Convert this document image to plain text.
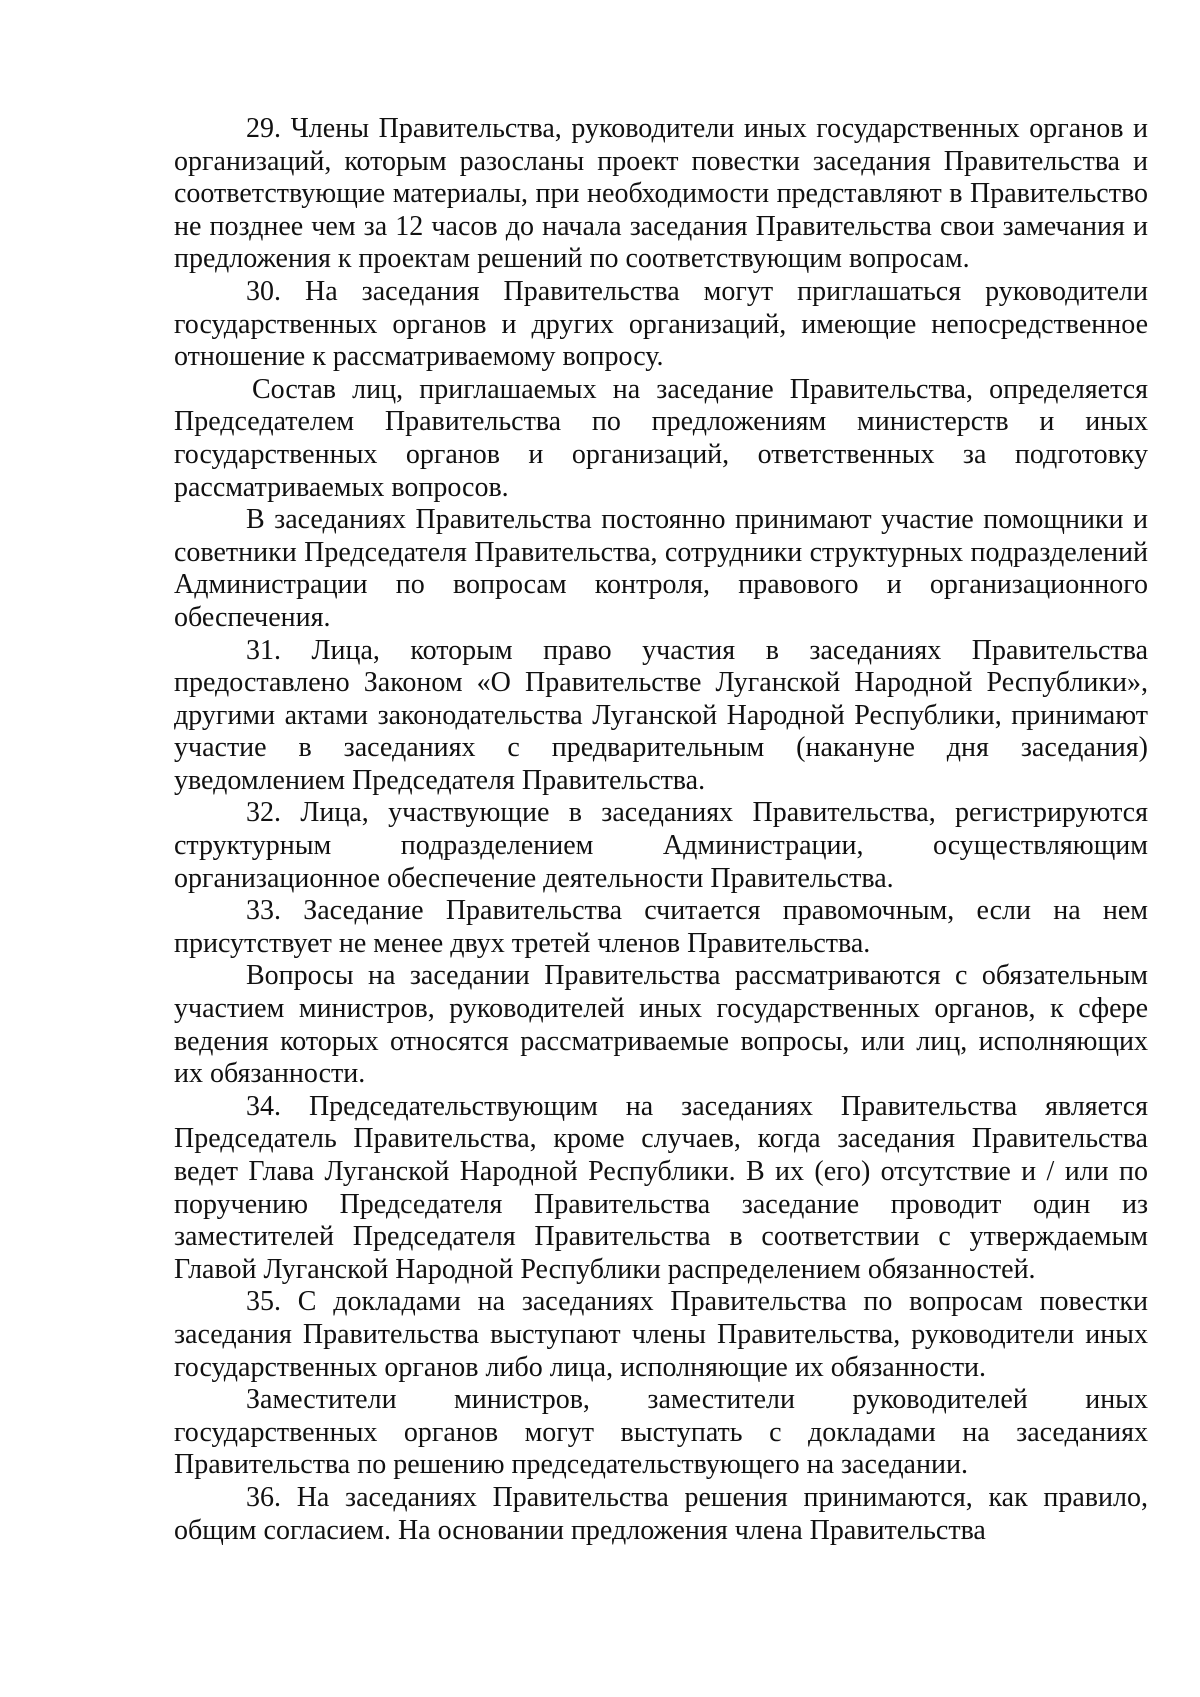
29. Члены Правительства, руководители иных государственных органов и организаций, которым разосланы проект повестки заседания Правительства и соответствующие материалы, при необходимости представляют в Правительство не позднее чем за 12 часов до начала заседания Правительства свои замечания и предложения к проектам решений по соответствующим вопросам.

30. На заседания Правительства могут приглашаться руководители государственных органов и других организаций, имеющие непосредственное отношение к рассматриваемому вопросу.

Состав лиц, приглашаемых на заседание Правительства, определяется Председателем Правительства по предложениям министерств и иных государственных органов и организаций, ответственных за подготовку рассматриваемых вопросов.

В заседаниях Правительства постоянно принимают участие помощники и советники Председателя Правительства, сотрудники структурных подразделений Администрации по вопросам контроля, правового и организационного обеспечения.

31. Лица, которым право участия в заседаниях Правительства предоставлено Законом «О Правительстве Луганской Народной Республики», другими актами законодательства Луганской Народной Республики, принимают участие в заседаниях с предварительным (накануне дня заседания) уведомлением Председателя Правительства.

32. Лица, участвующие в заседаниях Правительства, регистрируются структурным подразделением Администрации, осуществляющим организационное обеспечение деятельности Правительства.

33. Заседание Правительства считается правомочным, если на нем присутствует не менее двух третей членов Правительства.

Вопросы на заседании Правительства рассматриваются с обязательным участием министров, руководителей иных государственных органов, к сфере ведения которых относятся рассматриваемые вопросы, или лиц, исполняющих их обязанности.

34. Председательствующим на заседаниях Правительства является Председатель Правительства, кроме случаев, когда заседания Правительства ведет Глава Луганской Народной Республики. В их (его) отсутствие и / или по поручению Председателя Правительства заседание проводит один из заместителей Председателя Правительства в соответствии с утверждаемым Главой Луганской Народной Республики распределением обязанностей.

35. С докладами на заседаниях Правительства по вопросам повестки заседания Правительства выступают члены Правительства, руководители иных государственных органов либо лица, исполняющие их обязанности.

Заместители министров, заместители руководителей иных государственных органов могут выступать с докладами на заседаниях Правительства по решению председательствующего на заседании.

36. На заседаниях Правительства решения принимаются, как правило, общим согласием. На основании предложения члена Правительства
